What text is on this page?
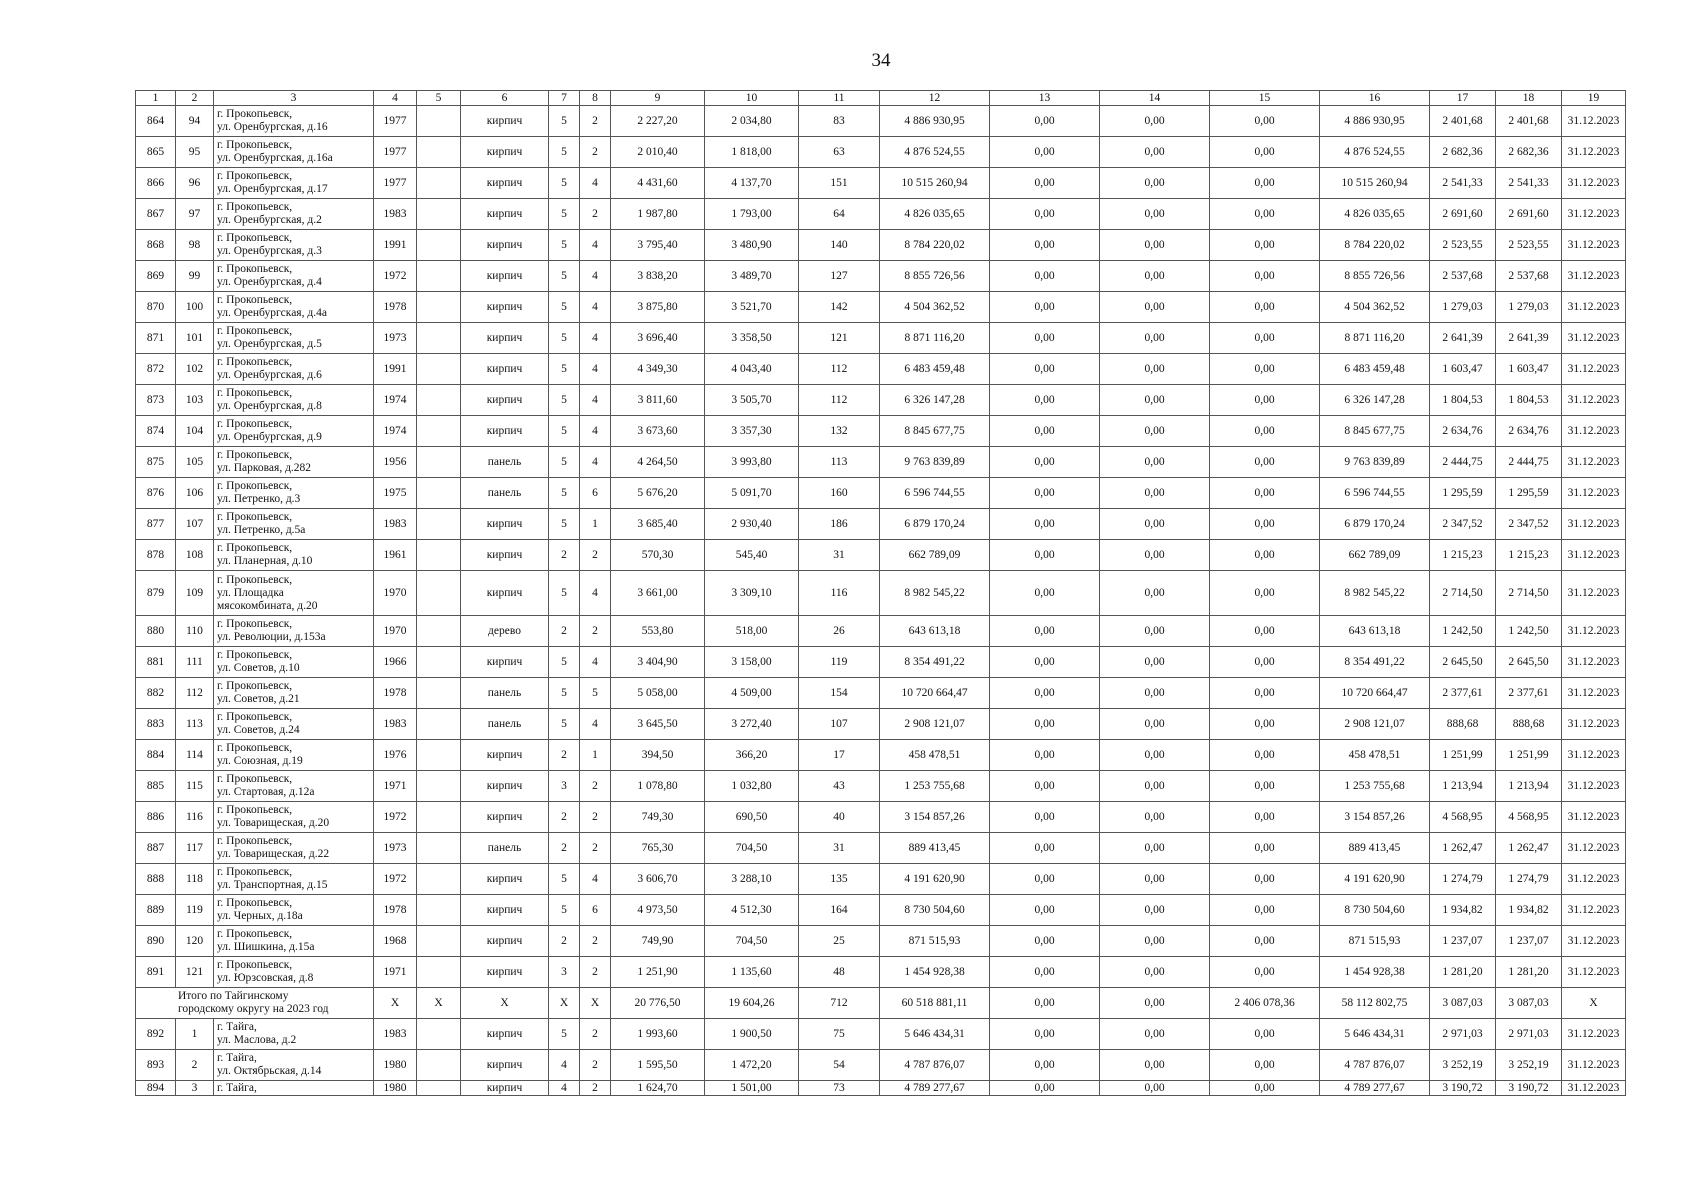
34
1	2	3	4	5	6	7	8	9	10	11	12	13	14	15	16	17	18	19
864	94	г. Прокопьевск,
ул. Оренбургская, д.16	1977		кирпич	5	2	2 227,20	2 034,80	83	4 886 930,95	0,00	0,00	0,00	4 886 930,95	2 401,68	2 401,68	31.12.2023
865	95	г. Прокопьевск,
ул. Оренбургская, д.16а	1977		кирпич	5	2	2 010,40	1 818,00	63	4 876 524,55	0,00	0,00	0,00	4 876 524,55	2 682,36	2 682,36	31.12.2023
866	96	г. Прокопьевск,
ул. Оренбургская, д.17	1977		кирпич	5	4	4 431,60	4 137,70	151	10 515 260,94	0,00	0,00	0,00	10 515 260,94	2 541,33	2 541,33	31.12.2023
867	97	г. Прокопьевск,
ул. Оренбургская, д.2	1983		кирпич	5	2	1 987,80	1 793,00	64	4 826 035,65	0,00	0,00	0,00	4 826 035,65	2 691,60	2 691,60	31.12.2023
868	98	г. Прокопьевск,
ул. Оренбургская, д.3	1991		кирпич	5	4	3 795,40	3 480,90	140	8 784 220,02	0,00	0,00	0,00	8 784 220,02	2 523,55	2 523,55	31.12.2023
869	99	г. Прокопьевск,
ул. Оренбургская, д.4	1972		кирпич	5	4	3 838,20	3 489,70	127	8 855 726,56	0,00	0,00	0,00	8 855 726,56	2 537,68	2 537,68	31.12.2023
870	100	г. Прокопьевск,
ул. Оренбургская, д.4а	1978		кирпич	5	4	3 875,80	3 521,70	142	4 504 362,52	0,00	0,00	0,00	4 504 362,52	1 279,03	1 279,03	31.12.2023
871	101	г. Прокопьевск,
ул. Оренбургская, д.5	1973		кирпич	5	4	3 696,40	3 358,50	121	8 871 116,20	0,00	0,00	0,00	8 871 116,20	2 641,39	2 641,39	31.12.2023
872	102	г. Прокопьевск,
ул. Оренбургская, д.6	1991		кирпич	5	4	4 349,30	4 043,40	112	6 483 459,48	0,00	0,00	0,00	6 483 459,48	1 603,47	1 603,47	31.12.2023
873	103	г. Прокопьевск,
ул. Оренбургская, д.8	1974		кирпич	5	4	3 811,60	3 505,70	112	6 326 147,28	0,00	0,00	0,00	6 326 147,28	1 804,53	1 804,53	31.12.2023
874	104	г. Прокопьевск,
ул. Оренбургская, д.9	1974		кирпич	5	4	3 673,60	3 357,30	132	8 845 677,75	0,00	0,00	0,00	8 845 677,75	2 634,76	2 634,76	31.12.2023
875	105	г. Прокопьевск,
ул. Парковая, д.282	1956		панель	5	4	4 264,50	3 993,80	113	9 763 839,89	0,00	0,00	0,00	9 763 839,89	2 444,75	2 444,75	31.12.2023
876	106	г. Прокопьевск,
ул. Петренко, д.3	1975		панель	5	6	5 676,20	5 091,70	160	6 596 744,55	0,00	0,00	0,00	6 596 744,55	1 295,59	1 295,59	31.12.2023
877	107	г. Прокопьевск,
ул. Петренко, д.5а	1983		кирпич	5	1	3 685,40	2 930,40	186	6 879 170,24	0,00	0,00	0,00	6 879 170,24	2 347,52	2 347,52	31.12.2023
878	108	г. Прокопьевск,
ул. Планерная, д.10	1961		кирпич	2	2	570,30	545,40	31	662 789,09	0,00	0,00	0,00	662 789,09	1 215,23	1 215,23	31.12.2023
879	109	г. Прокопьевск,
ул. Площадка
мясокомбината, д.20	1970		кирпич	5	4	3 661,00	3 309,10	116	8 982 545,22	0,00	0,00	0,00	8 982 545,22	2 714,50	2 714,50	31.12.2023
880	110	г. Прокопьевск,
ул. Революции, д.153а	1970		дерево	2	2	553,80	518,00	26	643 613,18	0,00	0,00	0,00	643 613,18	1 242,50	1 242,50	31.12.2023
881	111	г. Прокопьевск,
ул. Советов, д.10	1966		кирпич	5	4	3 404,90	3 158,00	119	8 354 491,22	0,00	0,00	0,00	8 354 491,22	2 645,50	2 645,50	31.12.2023
882	112	г. Прокопьевск,
ул. Советов, д.21	1978		панель	5	5	5 058,00	4 509,00	154	10 720 664,47	0,00	0,00	0,00	10 720 664,47	2 377,61	2 377,61	31.12.2023
883	113	г. Прокопьевск,
ул. Советов, д.24	1983		панель	5	4	3 645,50	3 272,40	107	2 908 121,07	0,00	0,00	0,00	2 908 121,07	888,68	888,68	31.12.2023
884	114	г. Прокопьевск,
ул. Союзная, д.19	1976		кирпич	2	1	394,50	366,20	17	458 478,51	0,00	0,00	0,00	458 478,51	1 251,99	1 251,99	31.12.2023
885	115	г. Прокопьевск,
ул. Стартовая, д.12а	1971		кирпич	3	2	1 078,80	1 032,80	43	1 253 755,68	0,00	0,00	0,00	1 253 755,68	1 213,94	1 213,94	31.12.2023
886	116	г. Прокопьевск,
ул. Товарищеская, д.20	1972		кирпич	2	2	749,30	690,50	40	3 154 857,26	0,00	0,00	0,00	3 154 857,26	4 568,95	4 568,95	31.12.2023
887	117	г. Прокопьевск,
ул. Товарищеская, д.22	1973		панель	2	2	765,30	704,50	31	889 413,45	0,00	0,00	0,00	889 413,45	1 262,47	1 262,47	31.12.2023
888	118	г. Прокопьевск,
ул. Транспортная, д.15	1972		кирпич	5	4	3 606,70	3 288,10	135	4 191 620,90	0,00	0,00	0,00	4 191 620,90	1 274,79	1 274,79	31.12.2023
889	119	г. Прокопьевск,
ул. Черных, д.18а	1978		кирпич	5	6	4 973,50	4 512,30	164	8 730 504,60	0,00	0,00	0,00	8 730 504,60	1 934,82	1 934,82	31.12.2023
890	120	г. Прокопьевск,
ул. Шишкина, д.15а	1968		кирпич	2	2	749,90	704,50	25	871 515,93	0,00	0,00	0,00	871 515,93	1 237,07	1 237,07	31.12.2023
891	121	г. Прокопьевск,
ул. Юрзсовская, д.8	1971		кирпич	3	2	1 251,90	1 135,60	48	1 454 928,38	0,00	0,00	0,00	1 454 928,38	1 281,20	1 281,20	31.12.2023

Итого по Тайгинскому
городскому округу на 2023 год			X	X	X	X	X	20 776,50	19 604,26	712	60 518 881,11	0,00	0,00	2 406 078,36	58 112 802,75	3 087,03	3 087,03	X
892	1	г. Тайга,
ул. Маслова, д.2	1983		кирпич	5	2	1 993,60	1 900,50	75	5 646 434,31	0,00	0,00	0,00	5 646 434,31	2 971,03	2 971,03	31.12.2023
893	2	г. Тайга,
ул. Октябрьская, д.14	1980		кирпич	4	2	1 595,50	1 472,20	54	4 787 876,07	0,00	0,00	0,00	4 787 876,07	3 252,19	3 252,19	31.12.2023
894	3	г. Тайга,	1980		кирпич	4	2	1 624,70	1 501,00	73	4 789 277,67	0,00	0,00	0,00	4 789 277,67	3 190,72	3 190,72	31.12.2023
